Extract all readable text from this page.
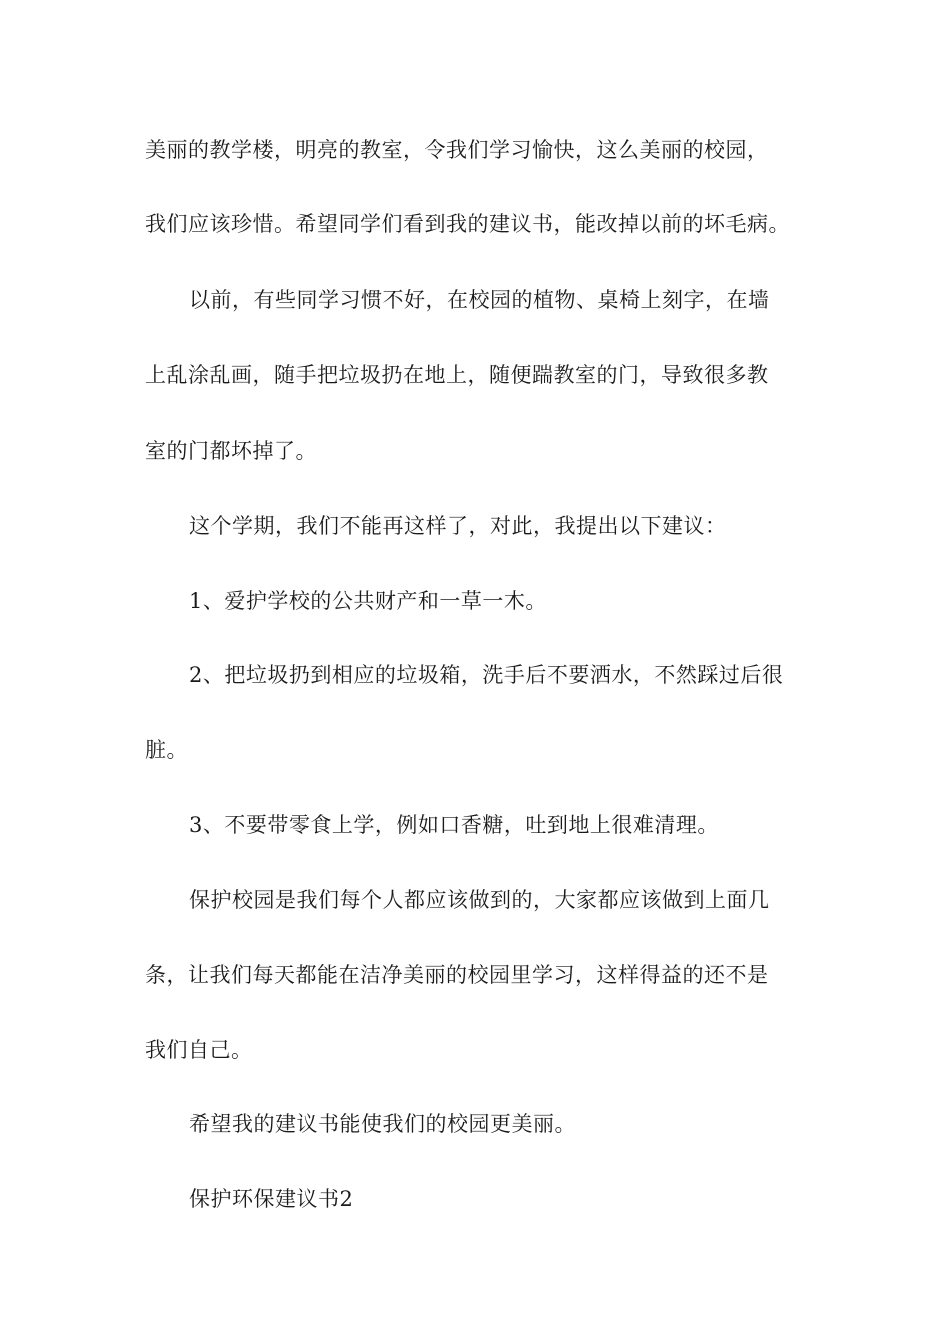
美丽的教学楼，明亮的教室，令我们学习愉快，这么美丽的校园，
我们应该珍惜。希望同学们看到我的建议书，能改掉以前的坏毛病。
以前，有些同学习惯不好，在校园的植物、桌椅上刻字，在墙
上乱涂乱画，随手把垃圾扔在地上，随便踹教室的门，导致很多教
室的门都坏掉了。
这个学期，我们不能再这样了，对此，我提出以下建议：
1、爱护学校的公共财产和一草一木。
2、把垃圾扔到相应的垃圾箱，洗手后不要洒水，不然踩过后很
脏。
3、不要带零食上学，例如口香糖，吐到地上很难清理。
保护校园是我们每个人都应该做到的，大家都应该做到上面几
条，让我们每天都能在洁净美丽的校园里学习，这样得益的还不是
我们自己。
希望我的建议书能使我们的校园更美丽。
保护环保建议书2
